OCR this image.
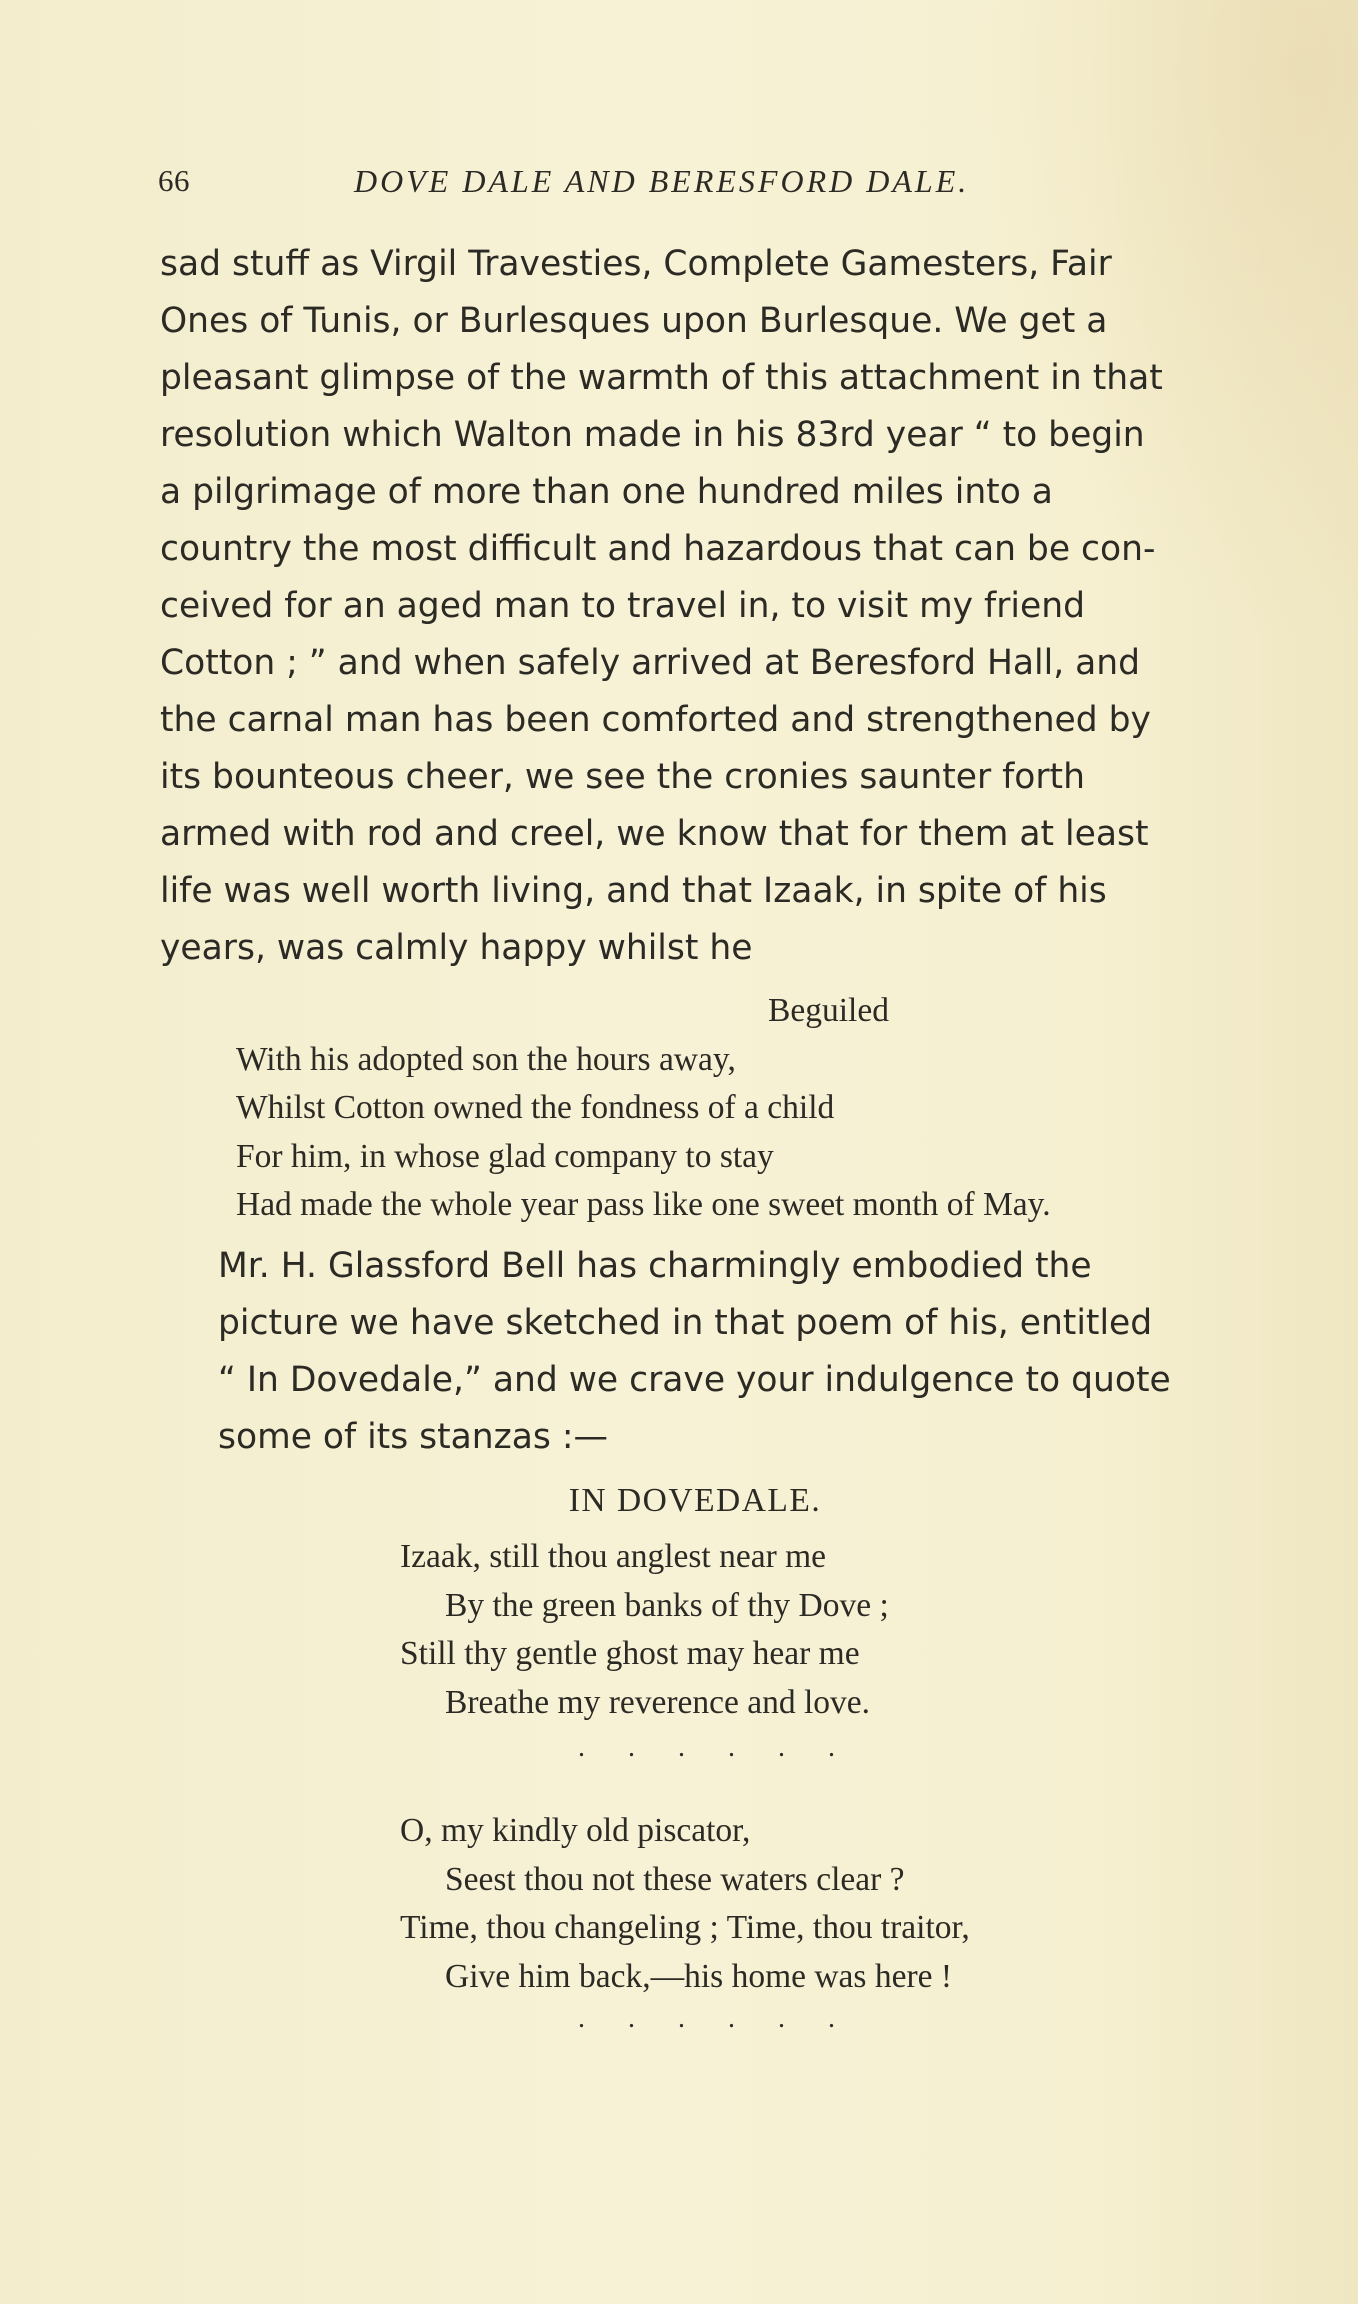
66	DOVE DALE AND BERESFORD DALE.
sad stuff as Virgil Travesties, Complete Gamesters, Fair
Ones of Tunis, or Burlesques upon Burlesque. We get a
pleasant glimpse of the warmth of this attachment in that
resolution which Walton made in his 83rd year “ to begin
a pilgrimage of more than one hundred miles into a
country the most difficult and hazardous that can be con-
ceived for an aged man to travel in, to visit my friend
Cotton ; ” and when safely arrived at Beresford Hall, and
the carnal man has been comforted and strengthened by
its bounteous cheer, we see the cronies saunter forth
armed with rod and creel, we know that for them at least
life was well worth living, and that Izaak, in spite of his
years, was calmly happy whilst he
Beguiled
With his adopted son the hours away,
Whilst Cotton owned the fondness of a child
For him, in whose glad company to stay
Had made the whole year pass like one sweet month of May.
Mr. H. Glassford Bell has charmingly embodied the
picture we have sketched in that poem of his, entitled
“ In Dovedale,” and we crave your indulgence to quote
some of its stanzas :—
IN DOVEDALE.
Izaak, still thou anglest near me
By the green banks of thy Dove ;
Still thy gentle ghost may hear me
Breathe my reverence and love.
. . . . . .
O, my kindly old piscator,
Seest thou not these waters clear ?
Time, thou changeling ; Time, thou traitor,
Give him back,—his home was here !
. . . . . .
